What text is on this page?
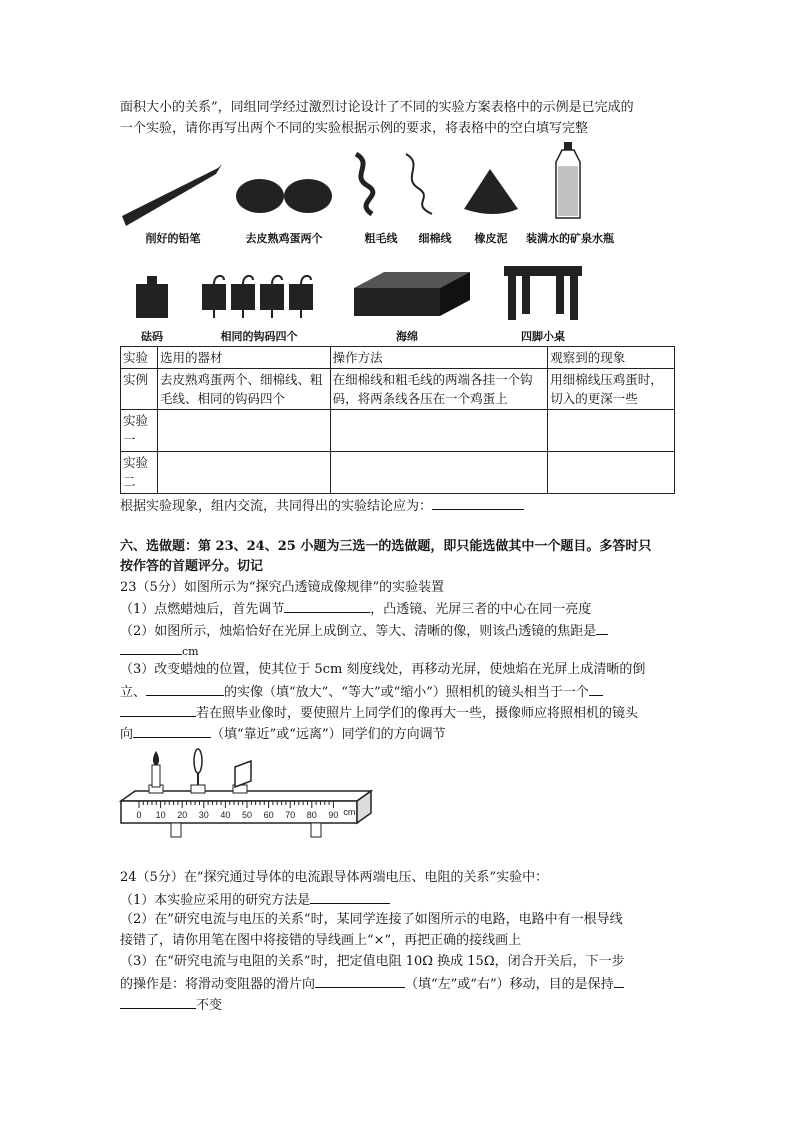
面积大小的关系”，同组同学经过激烈讨论设计了不同的实验方案表格中的示例是已完成的
一个实验，请你再写出两个不同的实验根据示例的要求，将表格中的空白填写完整
削好的铅笔	去皮熟鸡蛋两个	粗毛线	细棉线	橡皮泥	装满水的矿泉水瓶
砝码	相同的钩码四个	海绵	四脚小桌
实验	选用的器材	操作方法	观察到的现象
实例	去皮熟鸡蛋两个、细棉线、粗毛线、相同的钩码四个	在细棉线和粗毛线的两端各挂一个钩码，将两条线各压在一个鸡蛋上	用细棉线压鸡蛋时，切入的更深一些
实验一			
实验二			
根据实验现象，组内交流，共同得出的实验结论应为：
六、选做题：第 23、24、25 小题为三选一的选做题，即只能选做其中一个题目。多答时只
按作答的首题评分。切记
23（5分）如图所示为“探究凸透镜成像规律”的实验装置
（1）点燃蜡烛后，首先调节	，凸透镜、光屏三者的中心在同一亮度
（2）如图所示，烛焰恰好在光屏上成倒立、等大、清晰的像，则该凸透镜的焦距是
cm
（3）改变蜡烛的位置，使其位于 5cm 刻度线处，再移动光屏，使烛焰在光屏上成清晰的倒
立、	的实像（填“放大”、“等大”或“缩小”）照相机的镜头相当于一个
若在照毕业像时，要使照片上同学们的像再大一些，摄像师应将照相机的镜头
向	（填“靠近”或“远离”）同学们的方向调节
0 10 20 30 40 50 60 70 80 90 cm
24（5分）在“探究通过导体的电流跟导体两端电压、电阻的关系”实验中：
（1）本实验应采用的研究方法是
（2）在”研究电流与电压的关系“时，某同学连接了如图所示的电路，电路中有一根导线
接错了，请你用笔在图中将接错的导线画上“×”，再把正确的接线画上
（3）在“研究电流与电阻的关系”时，把定值电阻 10Ω 换成 15Ω，闭合开关后，下一步
的操作是：将滑动变阻器的滑片向	（填“左”或“右”）移动，目的是保持
不变
